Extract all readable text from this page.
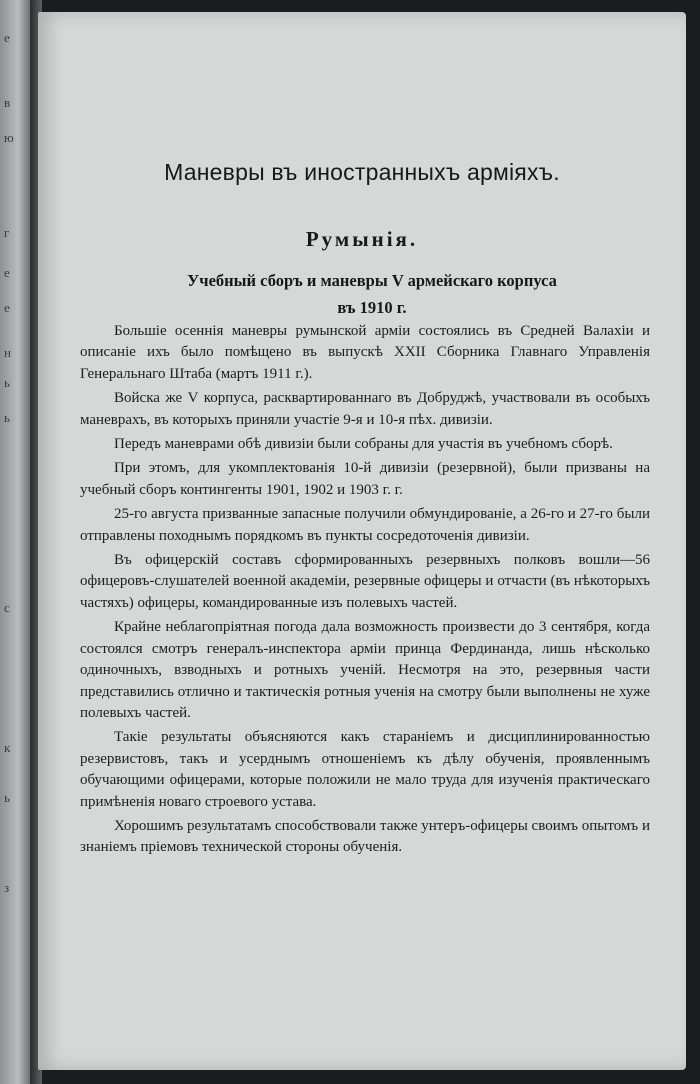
е
в
ю
г
е
е
н
ь
ь
с
к
ь
з
Маневры въ иностранныхъ арміяхъ.
Румынія.
Учебный сборъ и маневры V армейскаго корпуса
въ 1910 г.

Большіе осеннія маневры румынской арміи состоялись въ Средней Валахіи и описаніе ихъ было помѣщено въ выпускѣ XXII Сборника Главнаго Управленія Генеральнаго Штаба (мартъ 1911 г.).

Войска же V корпуса, расквартированнаго въ Добруджѣ, участвовали въ особыхъ маневрахъ, въ которыхъ приняли участіе 9-я и 10-я пѣх. дивизіи.

Передъ маневрами обѣ дивизіи были собраны для участія въ учебномъ сборѣ.

При этомъ, для укомплектованія 10-й дивизіи (резервной), были призваны на учебный сборъ контингенты 1901, 1902 и 1903 г. г.

25-го августа призванные запасные получили обмундированіе, а 26-го и 27-го были отправлены походнымъ порядкомъ въ пункты сосредоточенія дивизіи.

Въ офицерскій составъ сформированныхъ резервныхъ полковъ вошли—56 офицеровъ-слушателей военной академіи, резервные офицеры и отчасти (въ нѣкоторыхъ частяхъ) офицеры, командированные изъ полевыхъ частей.

Крайне неблагопріятная погода дала возможность произвести до 3 сентября, когда состоялся смотръ генералъ-инспектора арміи принца Фердинанда, лишь нѣсколько одиночныхъ, взводныхъ и ротныхъ ученій. Несмотря на это, резервныя части представились отлично и тактическія ротныя ученія на смотру были выполнены не хуже полевыхъ частей.

Такіе результаты объясняются какъ стараніемъ и дисциплинированностью резервистовъ, такъ и усерднымъ отношеніемъ къ дѣлу обученія, проявленнымъ обучающими офицерами, которые положили не мало труда для изученія практическаго примѣненія новаго строевого устава.

Хорошимъ результатамъ способствовали также унтеръ-офицеры своимъ опытомъ и знаніемъ пріемовъ технической стороны обученія.
